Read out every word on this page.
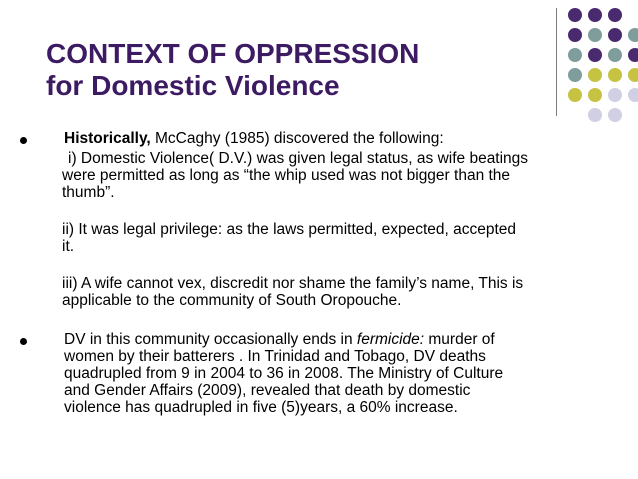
CONTEXT OF OPPRESSION
for Domestic Violence
Historically, McCaghy (1985) discovered the following:
i) Domestic Violence( D.V.) was given legal status, as wife beatings
were permitted as long as “the whip used was not bigger than the
thumb”.
ii) It was legal privilege: as the laws permitted, expected, accepted
it.
iii) A wife cannot vex, discredit nor shame the family’s name, This is
applicable to the community of South Oropouche.
DV in this community occasionally ends in fermicide: murder of
women by their batterers . In Trinidad and Tobago, DV deaths
quadrupled from 9 in 2004 to 36 in 2008. The Ministry of Culture
and Gender Affairs (2009), revealed that death by domestic
violence has quadrupled in five (5)years, a 60% increase.
